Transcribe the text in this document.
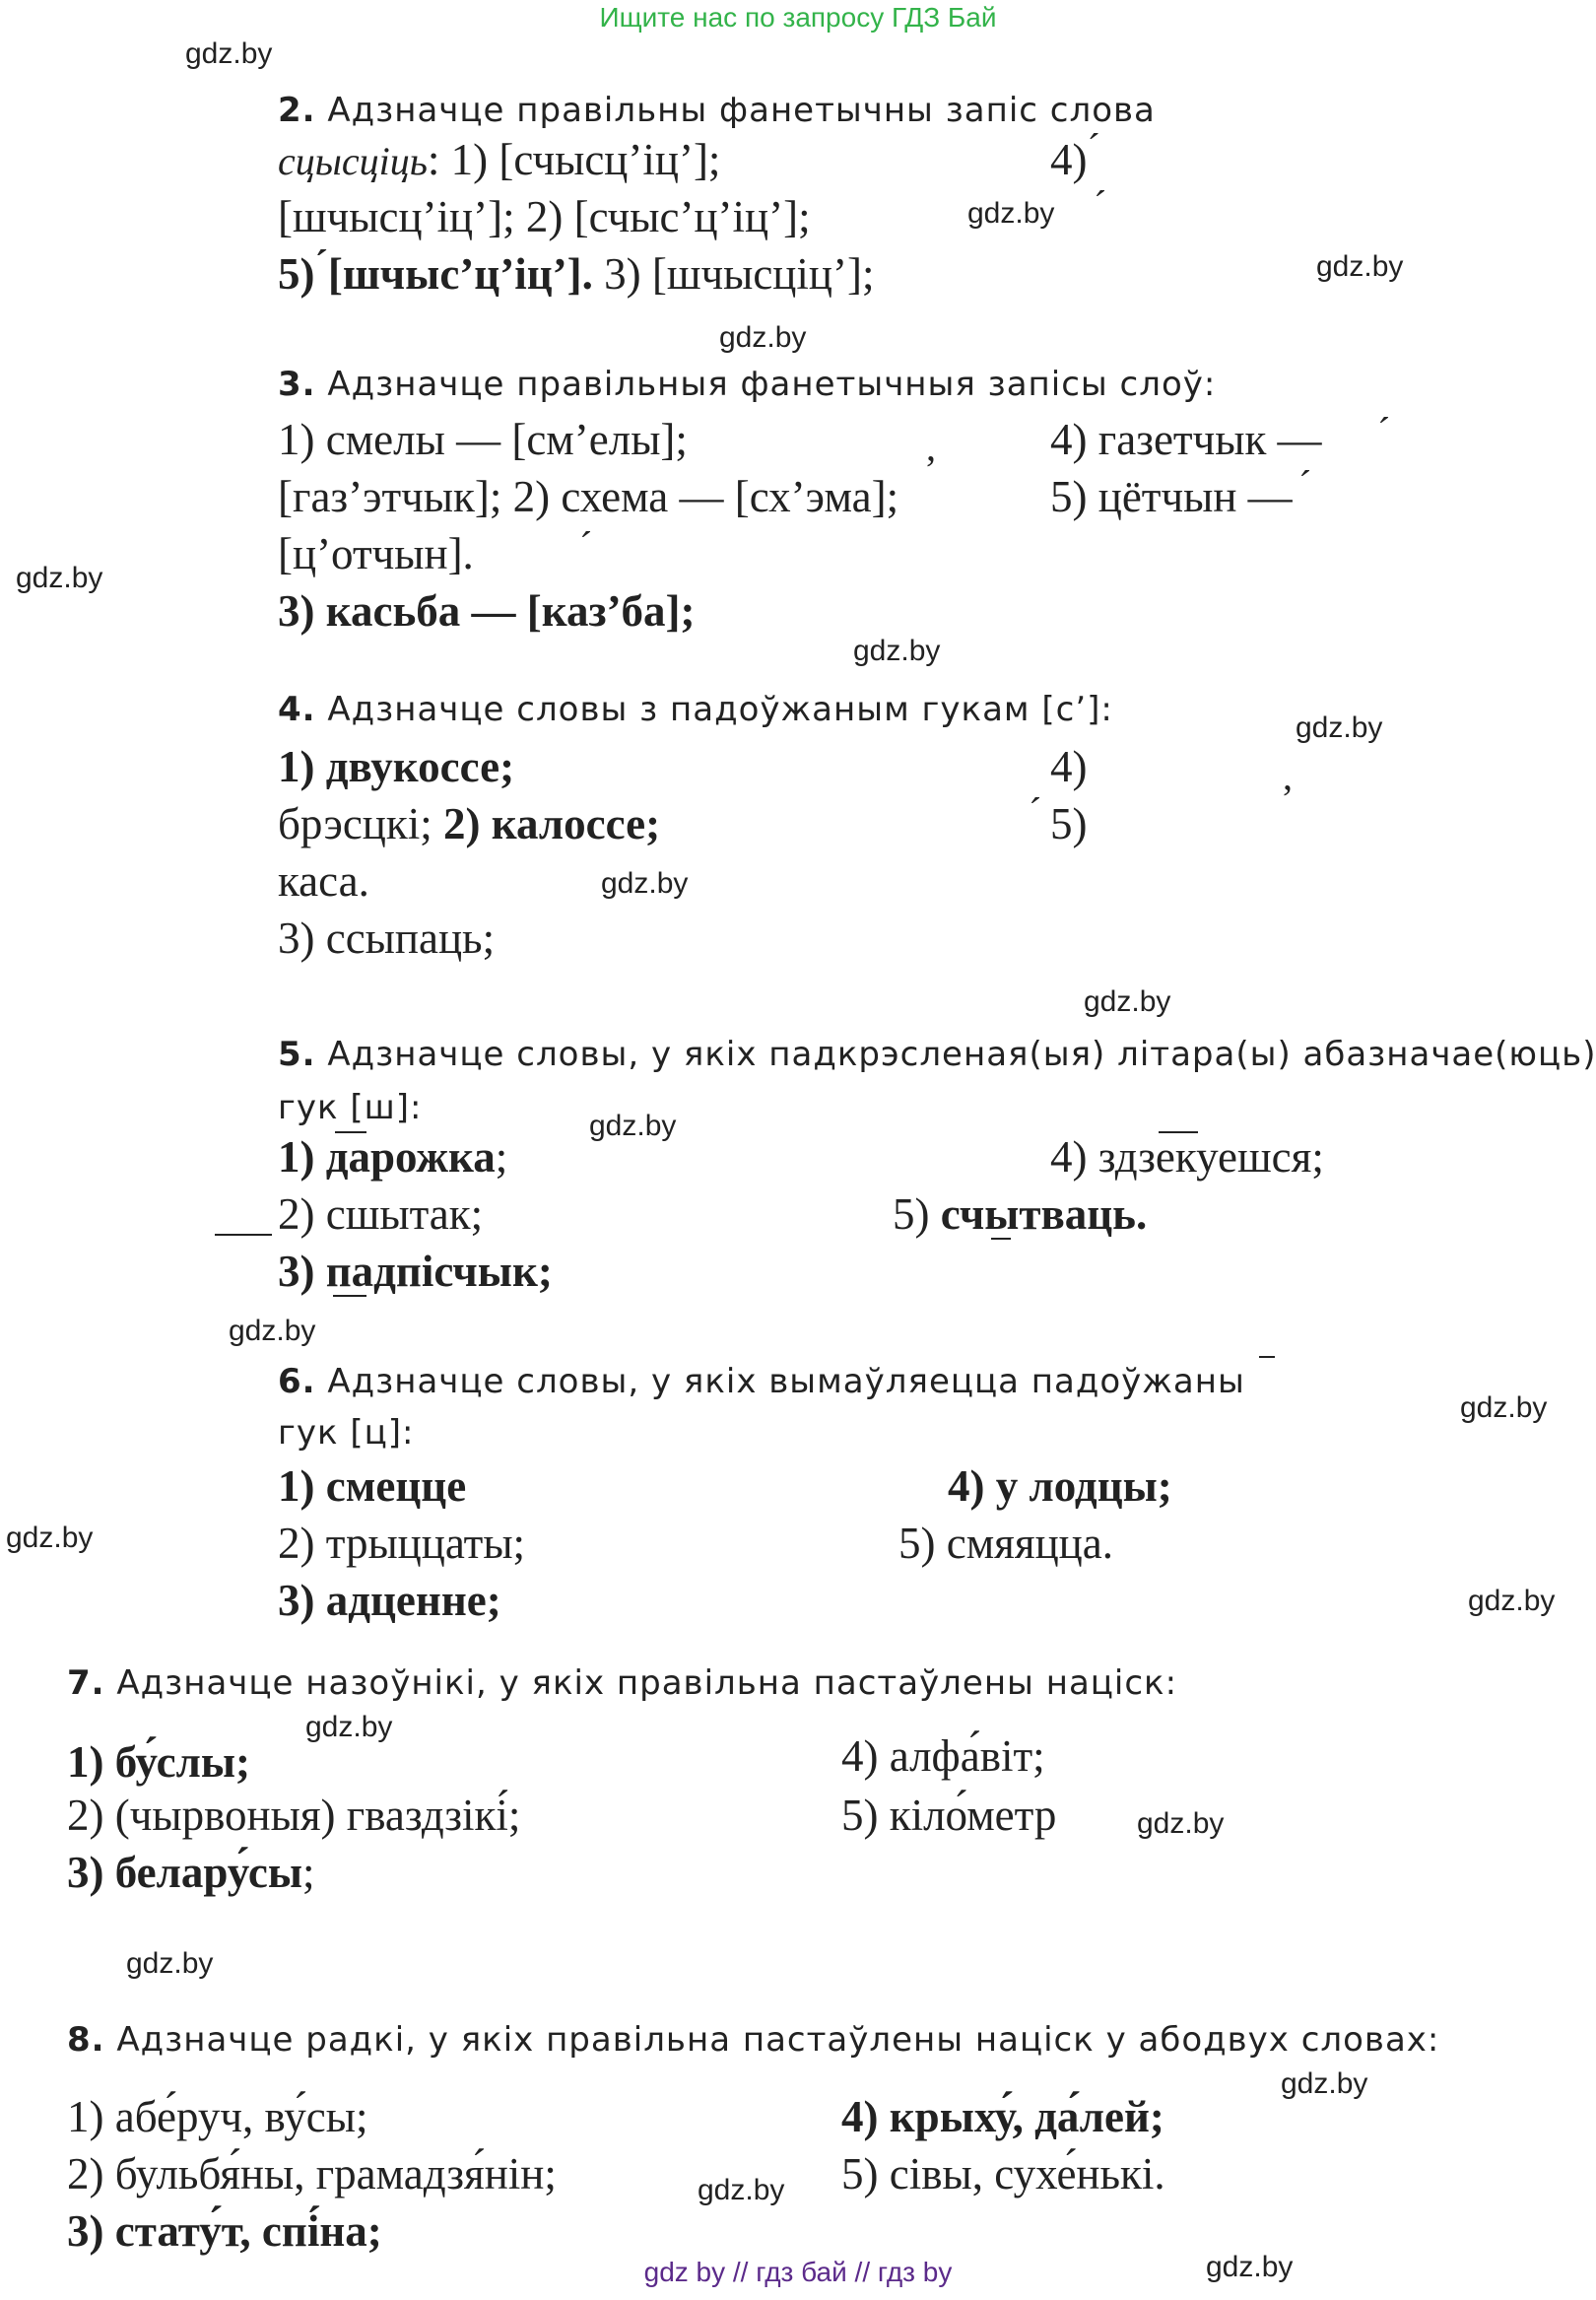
Ищите нас по запросу ГДЗ Бай
gdz.by
gdz.by
gdz.by
gdz.by
gdz.by
gdz.by
gdz.by
gdz.by
gdz.by
gdz.by
gdz.by
gdz.by
gdz.by
gdz.by
gdz.by
gdz.by
gdz.by
gdz.by
gdz.by
gdz.by
2. Адзначце правільны фанетычны запіс слова
сцысціць: 1) [счысц’іц’];	4)´
[шчысц’іц’]; 2) [счыс’ц’іц’];	´
5)´[шчыс’ц’іц’]. 3) [шчысціц’];
3. Адзначце правільныя фанетычныя запісы слоў:
1) смелы — [см’елы];	,	4) газетчык — ´
[газ’этчык]; 2) схема — [сх’эма];	5) цётчын — ´
[ц’отчын].	´
3) касьба — [каз’ба];
4. Адзначце словы з падоўжаным гукам [с’]:
1) двукоссе;	4)	,
брэсцкі; 2) калоссе;	´ 5)
каса.
3) ссыпаць;
5. Адзначце словы, у якіх падкрэсленая(ыя) літара(ы) абазначае(юць)
гук [ш]:
1) дарожка;	4) здзекуешся;
2) сшытак;	5) счытваць.
3) падпісчык;
6. Адзначце словы, у якіх вымаўляецца падоўжаны
гук [ц]:
1) смецце	4) у лодцы;
2) трыццаты;	5) смяяцца.
3) адценне;
7. Адзначце назоўнікі, у якіх правільна пастаўлены націск:
1) бу́слы;	4) алфа́віт;
2) (чырвоныя) гваздзікі́;	5) кіло́метр
3) белару́сы;
8. Адзначце радкі, у якіх правільна пастаўлены націск у абодвух словах:
1) абе́руч, ву́сы;	4) крыху́, да́лей;
2) бульбя́ны, грамадзя́нін;	5) сівы, сухе́нькі.
3) стату́т, спі́на;
gdz by // гдз бай // гдз by
